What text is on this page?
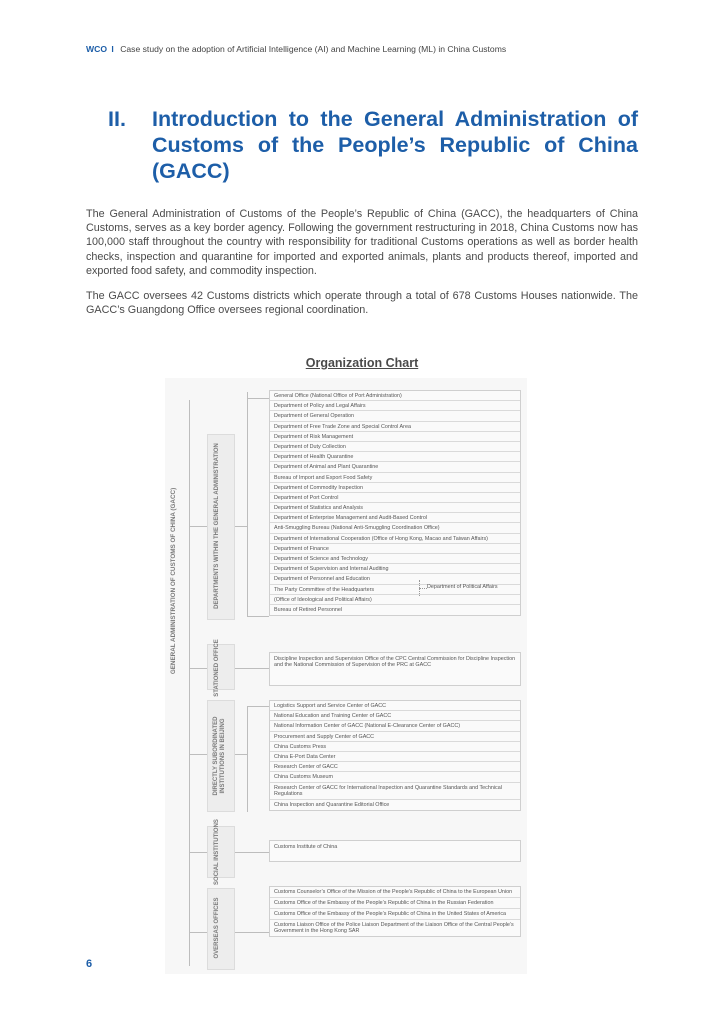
WCO I Case study on the adoption of Artificial Intelligence (AI) and Machine Learning (ML) in China Customs
II. Introduction to the General Administration of Customs of the People’s Republic of China (GACC)

The General Administration of Customs of the People’s Republic of China (GACC), the headquarters of China Customs, serves as a key border agency. Following the government restructuring in 2018, China Customs now has 100,000 staff throughout the country with responsibility for traditional Customs operations as well as border health checks, inspection and quarantine for imported and exported animals, plants and products thereof, imported and exported food safety, and commodity inspection.

The GACC oversees 42 Customs districts which operate through a total of 678 Customs Houses nationwide. The GACC’s Guangdong Office oversees regional coordination.

Organization Chart
GENERAL ADMINISTRATION OF CUSTOMS OF CHINA (GACC)	DEPARTMENTS WITHIN THE GENERAL ADMINISTRATION
General Office (National Office of Port Administration)
Department of Policy and Legal Affairs
Department of General Operation
Department of Free Trade Zone and Special Control Area
Department of Risk Management
Department of Duty Collection
Department of Health Quarantine
Department of Animal and Plant Quarantine
Bureau of Import and Export Food Safety
Department of Commodity Inspection
Department of Port Control
Department of Statistics and Analysis
Department of Enterprise Management and Audit-Based Control
Anti-Smuggling Bureau (National Anti-Smuggling Coordination Office)
Department of International Cooperation (Office of Hong Kong, Macao and Taiwan Affairs)
Department of Finance
Department of Science and Technology
Department of Supervision and Internal Auditing
Department of Personnel and Education
The Party Committee of the Headquarters
(Office of Ideological and Political Affairs)
Bureau of Retired Personnel
Department of Political Affairs
STATIONED OFFICE	Discipline Inspection and Supervision Office of the CPC Central Commission for Discipline Inspection and the National Commission of Supervision of the PRC at GACC
DIRECTLY SUBORDINATED INSTITUTIONS IN BEIJING
Logistics Support and Service Center of GACC
National Education and Training Center of GACC
National Information Center of GACC (National E-Clearance Center of GACC)
Procurement and Supply Center of GACC
China Customs Press
China E-Port Data Center
Research Center of GACC
China Customs Museum
Research Center of GACC for International Inspection and Quarantine Standards and Technical Regulations
China Inspection and Quarantine Editorial Office
SOCIAL INSTITUTIONS	Customs Institute of China
OVERSEAS OFFICES
Customs Counselor’s Office of the Mission of the People’s Republic of China to the European Union
Customs Office of the Embassy of the People’s Republic of China in the Russian Federation
Customs Office of the Embassy of the People’s Republic of China in the United States of America
Customs Liaison Office of the Police Liaison Department of the Liaison Office of the Central People’s Government in the Hong Kong SAR
6
